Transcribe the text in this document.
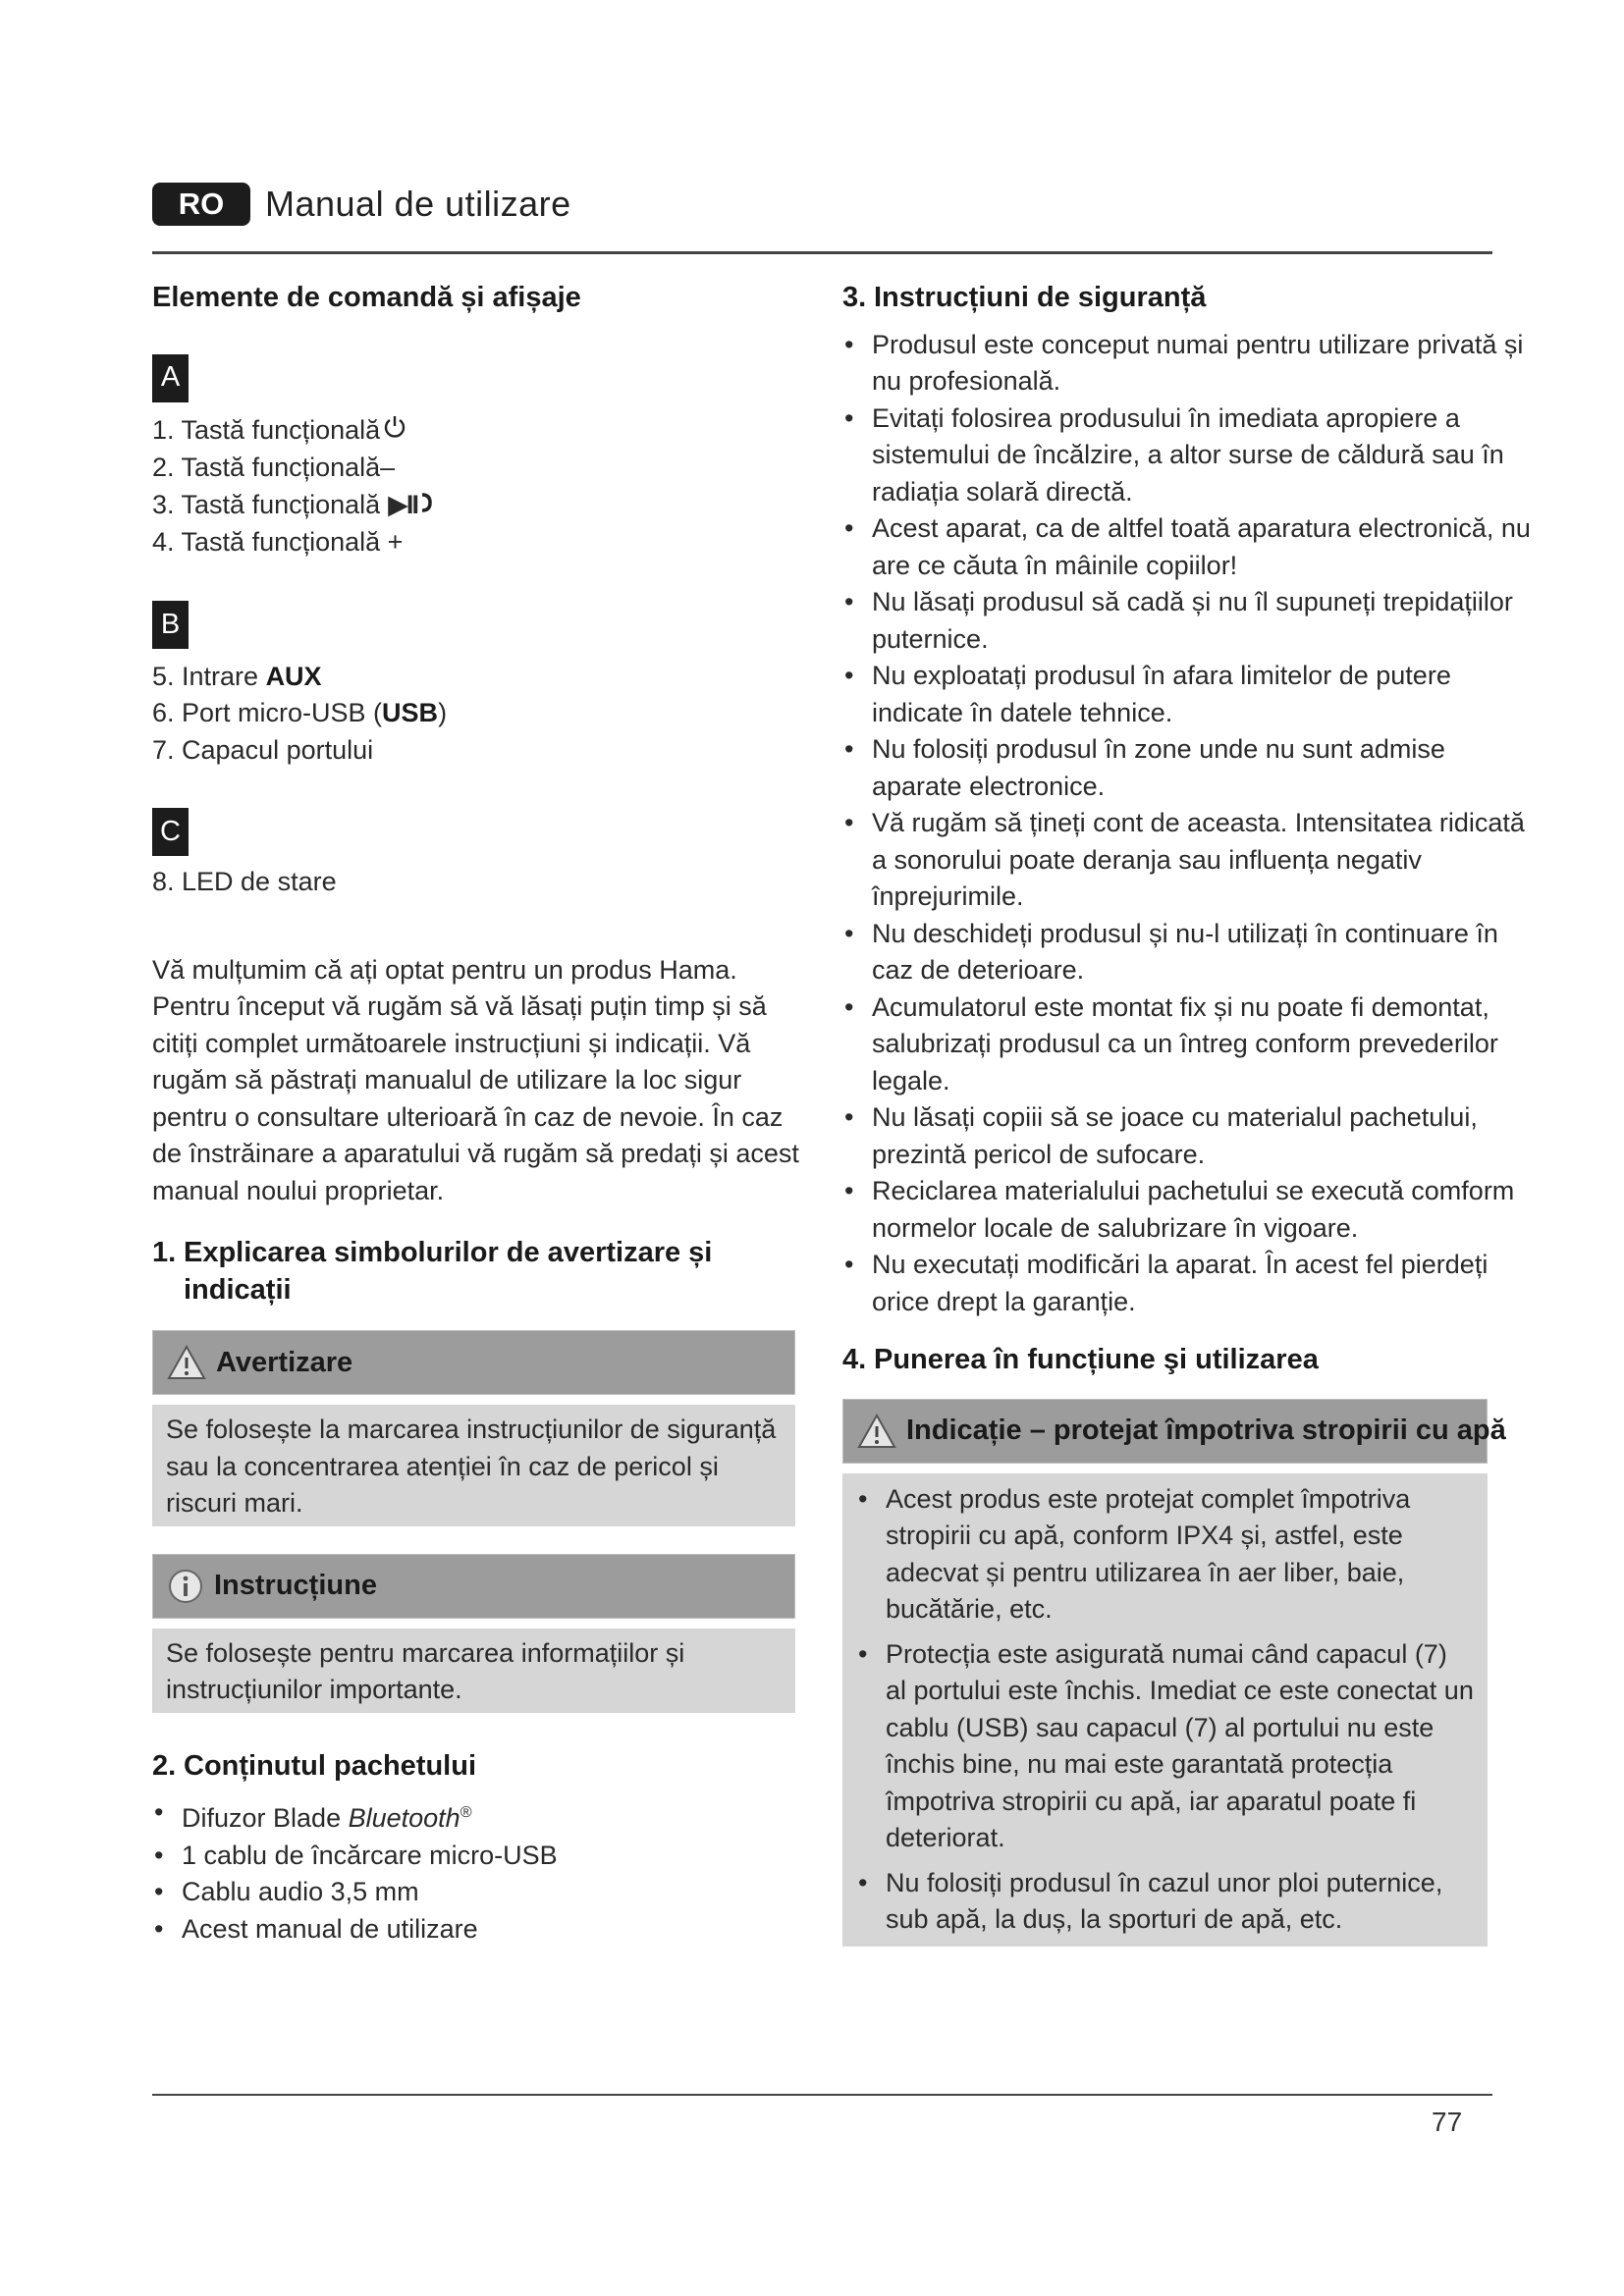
RO	Manual de utilizare
Elemente de comandă și afișaje
A
1. Tastă funcțională
2. Tastă funcțională–
3. Tastă funcțională ▶II
4. Tastă funcțională +
B
5. Intrare AUX
6. Port micro-USB (USB)
7. Capacul portului
C
8. LED de stare

Vă mulțumim că ați optat pentru un produs Hama.

Pentru început vă rugăm să vă lăsați puțin timp și să

citiți complet următoarele instrucțiuni și indicații. Vă

rugăm să păstrați manualul de utilizare la loc sigur

pentru o consultare ulterioară în caz de nevoie. În caz

de înstrăinare a aparatului vă rugăm să predați și acest

manual noului proprietar.

1. Explicarea simbolurilor de avertizare și
indicații
Avertizare
Se folosește la marcarea instrucțiunilor de siguranță sau la concentrarea atenției în caz de pericol și riscuri mari.
Instrucțiune
Se folosește pentru marcarea informațiilor și instrucțiunilor importante.
2. Conținutul pachetului
• Difuzor Blade Bluetooth®
• 1 cablu de încărcare micro-USB
• Cablu audio 3,5 mm
• Acest manual de utilizare
3. Instrucțiuni de siguranță
• Produsul este conceput numai pentru utilizare privată și nu profesională.
• Evitați folosirea produsului în imediata apropiere a sistemului de încălzire, a altor surse de căldură sau în radiația solară directă.
• Acest aparat, ca de altfel toată aparatura electronică, nu are ce căuta în mâinile copiilor!
• Nu lăsați produsul să cadă și nu îl supuneți trepidațiilor puternice.
• Nu exploatați produsul în afara limitelor de putere indicate în datele tehnice.
• Nu folosiți produsul în zone unde nu sunt admise aparate electronice.
• Vă rugăm să țineți cont de aceasta. Intensitatea ridicată a sonorului poate deranja sau influența negativ înprejurimile.
• Nu deschideți produsul și nu-l utilizați în continuare în caz de deterioare.
• Acumulatorul este montat fix și nu poate fi demontat, salubrizați produsul ca un întreg conform prevederilor legale.
• Nu lăsați copiii să se joace cu materialul pachetului, prezintă pericol de sufocare.
• Reciclarea materialului pachetului se execută comform normelor locale de salubrizare în vigoare.
• Nu executați modificări la aparat. În acest fel pierdeți orice drept la garanție.
4. Punerea în funcțiune şi utilizarea
Indicație – protejat împotriva stropirii cu apă
• Acest produs este protejat complet împotriva stropirii cu apă, conform IPX4 și, astfel, este adecvat și pentru utilizarea în aer liber, baie, bucătărie, etc.
• Protecția este asigurată numai când capacul (7) al portului este închis. Imediat ce este conectat un cablu (USB) sau capacul (7) al portului nu este închis bine, nu mai este garantată protecția împotriva stropirii cu apă, iar aparatul poate fi deteriorat.
• Nu folosiți produsul în cazul unor ploi puternice, sub apă, la duș, la sporturi de apă, etc.
77
